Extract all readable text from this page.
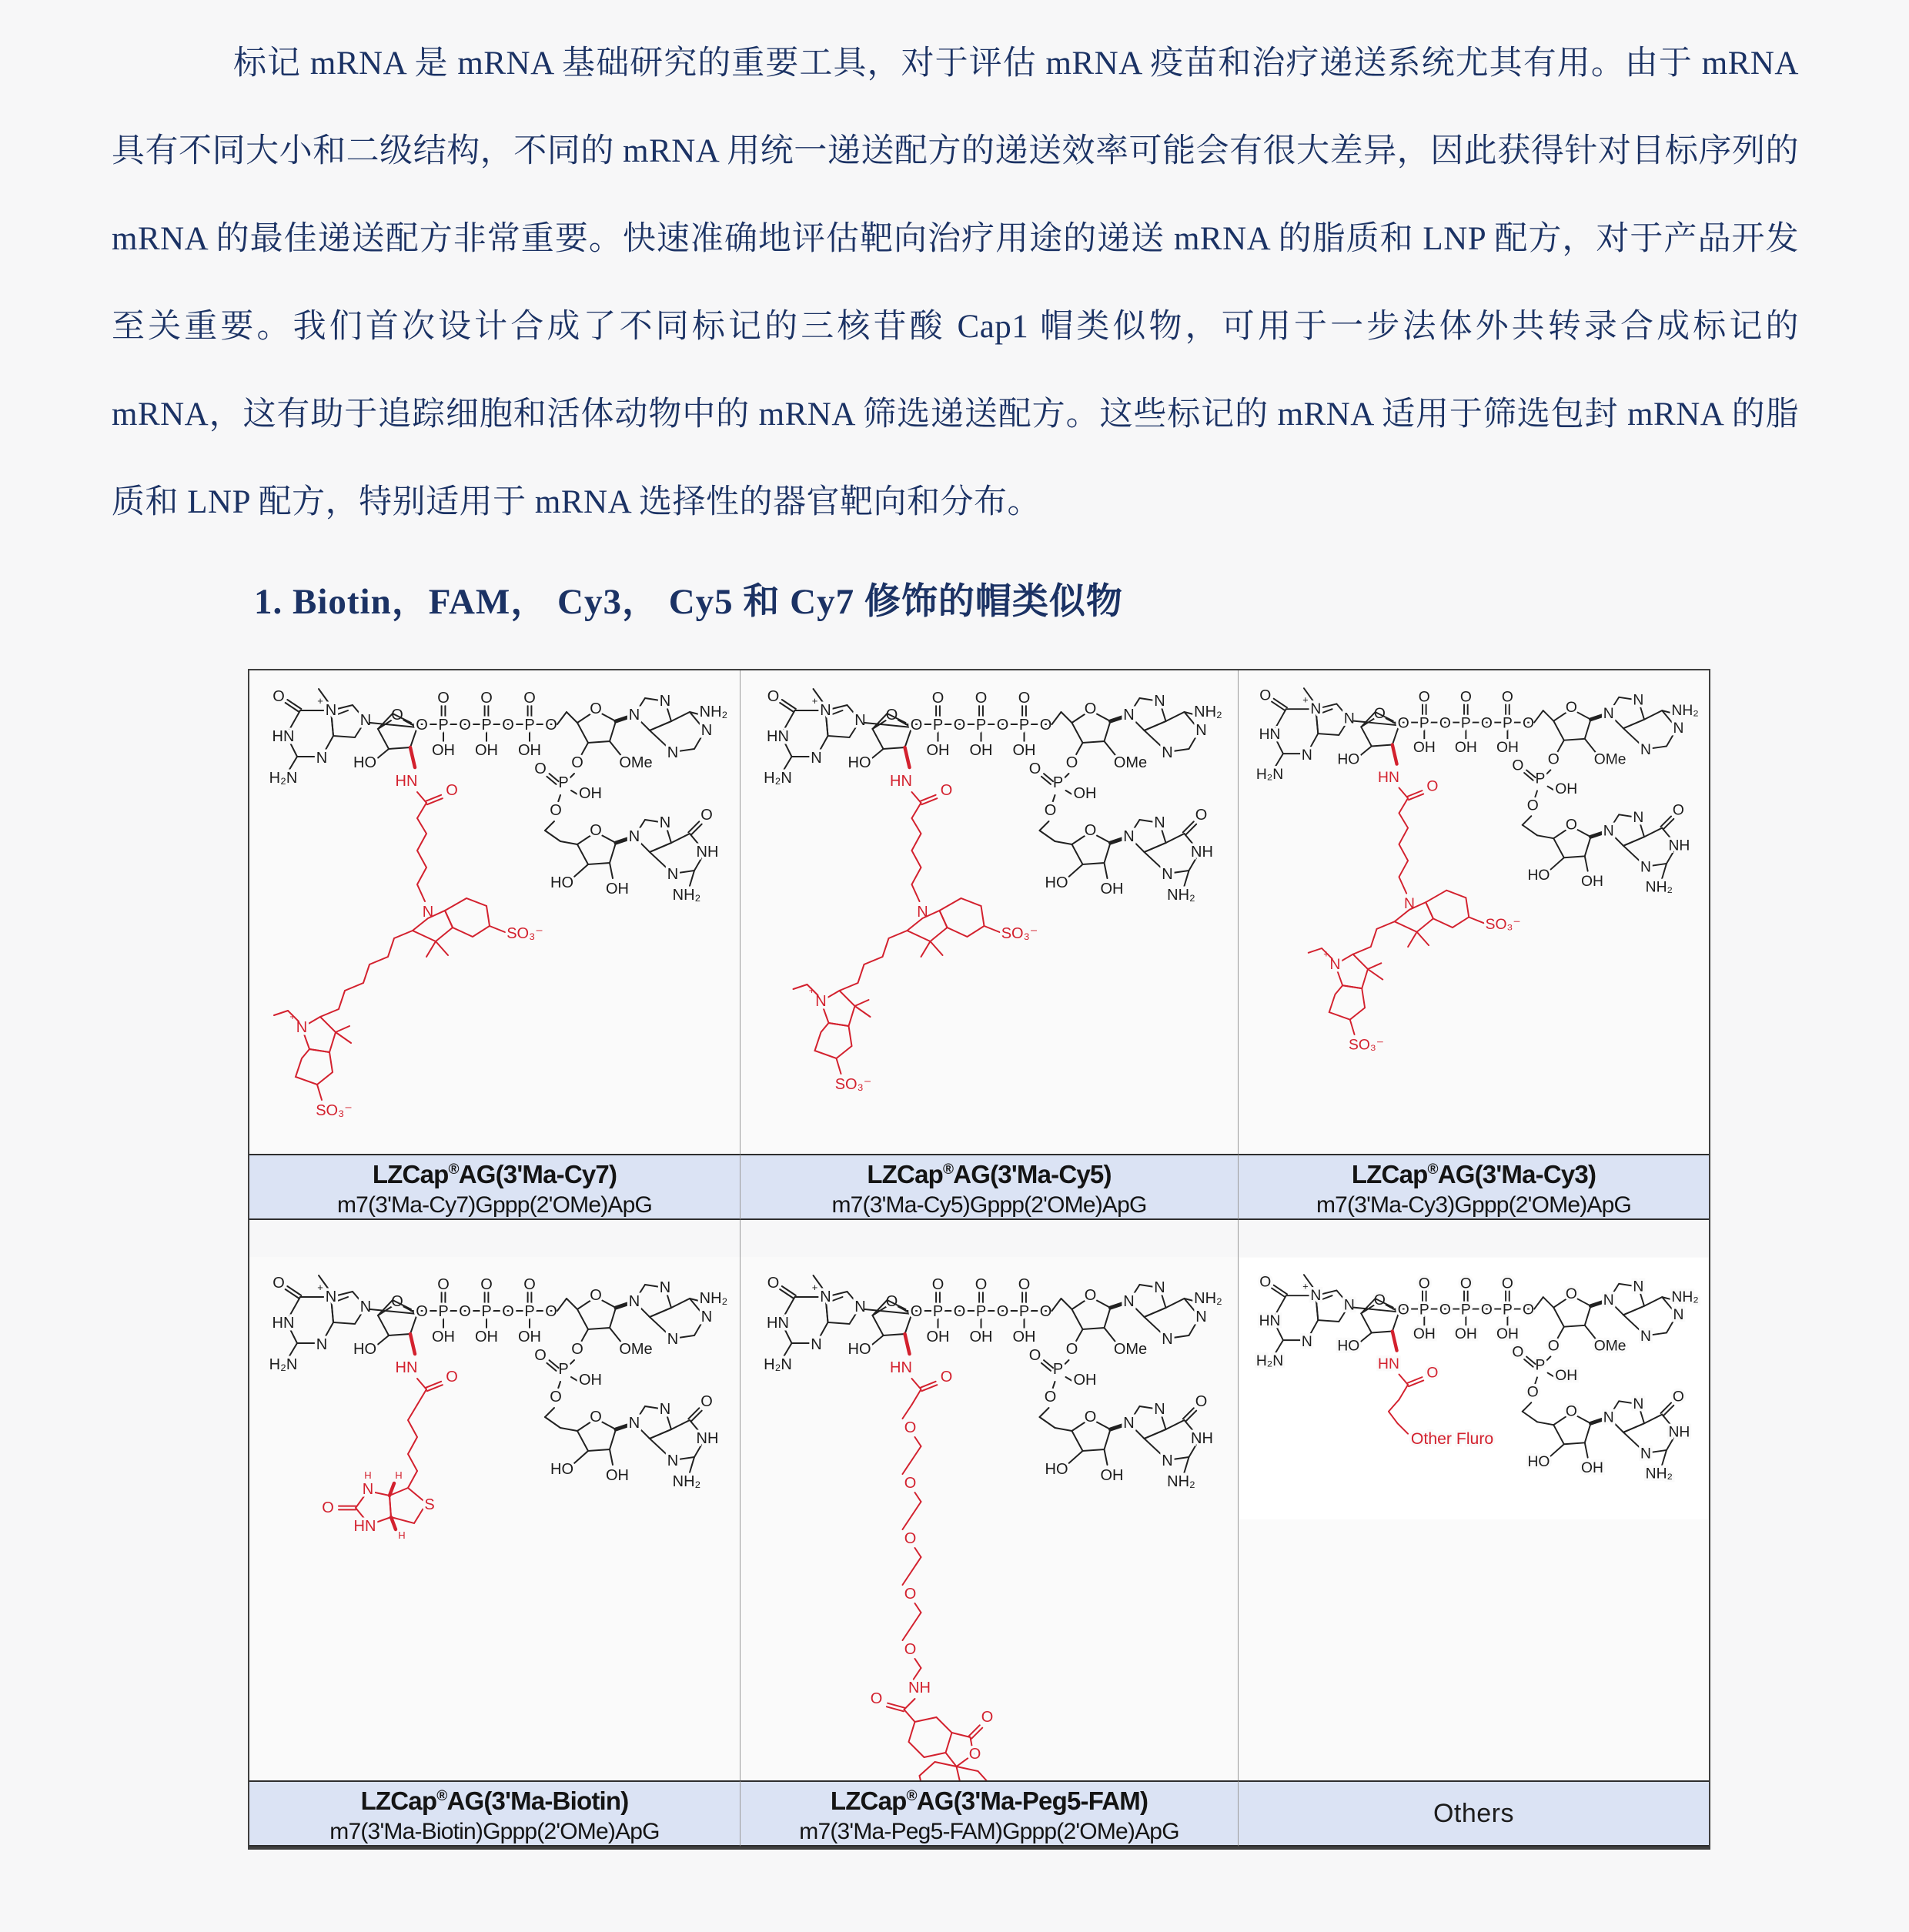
标记 mRNA 是 mRNA 基础研究的重要工具，对于评估 mRNA 疫苗和治疗递送系统尤其有用。由于 mRNA 具有不同大小和二级结构，不同的 mRNA 用统一递送配方的递送效率可能会有很大差异，因此获得针对目标序列的 mRNA 的最佳递送配方非常重要。快速准确地评估靶向治疗用途的递送 mRNA 的脂质和 LNP 配方，对于产品开发至关重要。我们首次设计合成了不同标记的三核苷酸 Cap1 帽类似物，可用于一步法体外共转录合成标记的 mRNA，这有助于追踪细胞和活体动物中的 mRNA 筛选递送配方。这些标记的 mRNA 适用于筛选包封 mRNA 的脂质和 LNP 配方，特别适用于 mRNA 选择性的器官靶向和分布。
1. Biotin，FAM， Cy3， Cy5 和 Cy7 修饰的帽类似物
+
N
N
O
HN
N
H₂N
O
HO
O
OH
O
OH
O
OH
O P O P O P O
O N
N
N
N
NH₂
OMe
O
P
O
OH
O
O N
N O
NH
N
NH₂
HO OH
HN
O
N
SO₃⁻
N
+
SO₃⁻
+
N
N
O
HN
N
H₂N
O
HO
O
OH
O
OH
O
OH
O P O P O P O
O N
N
N
N
NH₂
OMe
O
P
O
OH
O
O N
N O
NH
N
NH₂
HO OH
HN
O
N
SO₃⁻
N
+
SO₃⁻
+
N
N
O
HN
N
H₂N
O
HO
O
OH
O
OH
O
OH
O P O P O P O
O N
N
N
N
NH₂
OMe
O
P
O
OH
O
O N
N O
NH
N
NH₂
HO OH
HN
O
N
SO₃⁻
N
+
SO₃⁻
LZCap®AG(3'Ma-Cy7)
m7(3'Ma-Cy7)Gppp(2'OMe)ApG
LZCap®AG(3'Ma-Cy5)
m7(3'Ma-Cy5)Gppp(2'OMe)ApG
LZCap®AG(3'Ma-Cy3)
m7(3'Ma-Cy3)Gppp(2'OMe)ApG
+
N
N
O
HN
N
H₂N
O
HO
O
OH
O
OH
O
OH
O P O P O P O
O N
N
N
N
NH₂
OMe
O
P
O
OH
O
O N
N O
NH
N
NH₂
HO OH
HN
O
S
O
N
H
HN
H
H
+
N
N
O
HN
N
H₂N
O
HO
O
OH
O
OH
O
OH
O P O P O P O
O N
N
N
N
NH₂
OMe
O
P
O
OH
O
O N
N O
NH
N
NH₂
HO OH
HN
O
O
O
O
O
O
NH
O
O
O
Other Fluro
+
N
N
O
HN
N
H₂N
O
HO
O
OH
O
OH
O
OH
O P O P O P O
O N
N
N
N
NH₂
OMe
O
P
O
OH
O
O N
N O
NH
N
NH₂
HO OH
HN
O
LZCap®AG(3'Ma-Biotin)
m7(3'Ma-Biotin)Gppp(2'OMe)ApG
LZCap®AG(3'Ma-Peg5-FAM)
m7(3'Ma-Peg5-FAM)Gppp(2'OMe)ApG
Others
